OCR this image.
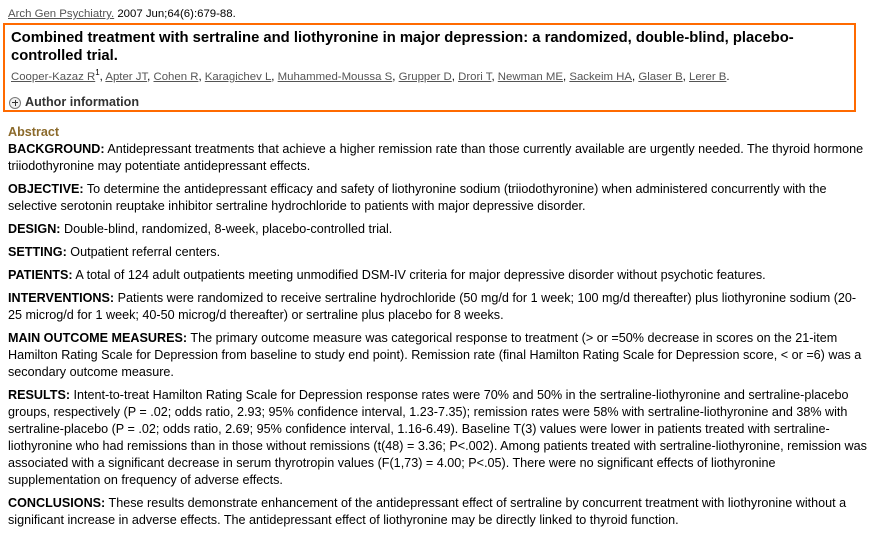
Arch Gen Psychiatry. 2007 Jun;64(6):679-88.
Combined treatment with sertraline and liothyronine in major depression: a randomized, double-blind, placebo-controlled trial.
Cooper-Kazaz $R^1$, Apter JT, Cohen R, Karagichev L, Muhammed-Moussa S, Grupper D, Drori T, Newman ME, Sackeim HA, Glaser B, Lerer B.
Author information
Abstract

BACKGROUND: Antidepressant treatments that achieve a higher remission rate than those currently available are urgently needed. The thyroid hormone triiodothyronine may potentiate antidepressant effects.

OBJECTIVE: To determine the antidepressant efficacy and safety of liothyronine sodium (triiodothyronine) when administered concurrently with the selective serotonin reuptake inhibitor sertraline hydrochloride to patients with major depressive disorder.

DESIGN: Double-blind, randomized, 8-week, placebo-controlled trial.

SETTING: Outpatient referral centers.

PATIENTS: A total of 124 adult outpatients meeting unmodified DSM-IV criteria for major depressive disorder without psychotic features.

INTERVENTIONS: Patients were randomized to receive sertraline hydrochloride (50 mg/d for 1 week; 100 mg/d thereafter) plus liothyronine sodium (20-25 microg/d for 1 week; 40-50 microg/d thereafter) or sertraline plus placebo for 8 weeks.

MAIN OUTCOME MEASURES: The primary outcome measure was categorical response to treatment (> or =50% decrease in scores on the 21-item Hamilton Rating Scale for Depression from baseline to study end point). Remission rate (final Hamilton Rating Scale for Depression score, < or =6) was a secondary outcome measure.

RESULTS: Intent-to-treat Hamilton Rating Scale for Depression response rates were 70% and 50% in the sertraline-liothyronine and sertraline-placebo groups, respectively (P = .02; odds ratio, 2.93; 95% confidence interval, 1.23-7.35); remission rates were 58% with sertraline-liothyronine and 38% with sertraline-placebo (P = .02; odds ratio, 2.69; 95% confidence interval, 1.16-6.49). Baseline T(3) values were lower in patients treated with sertraline-liothyronine who had remissions than in those without remissions (t(48) = 3.36; P<.002). Among patients treated with sertraline-liothyronine, remission was associated with a significant decrease in serum thyrotropin values (F(1,73) = 4.00; P<.05). There were no significant effects of liothyronine supplementation on frequency of adverse effects.

CONCLUSIONS: These results demonstrate enhancement of the antidepressant effect of sertraline by concurrent treatment with liothyronine without a significant increase in adverse effects. The antidepressant effect of liothyronine may be directly linked to thyroid function.
